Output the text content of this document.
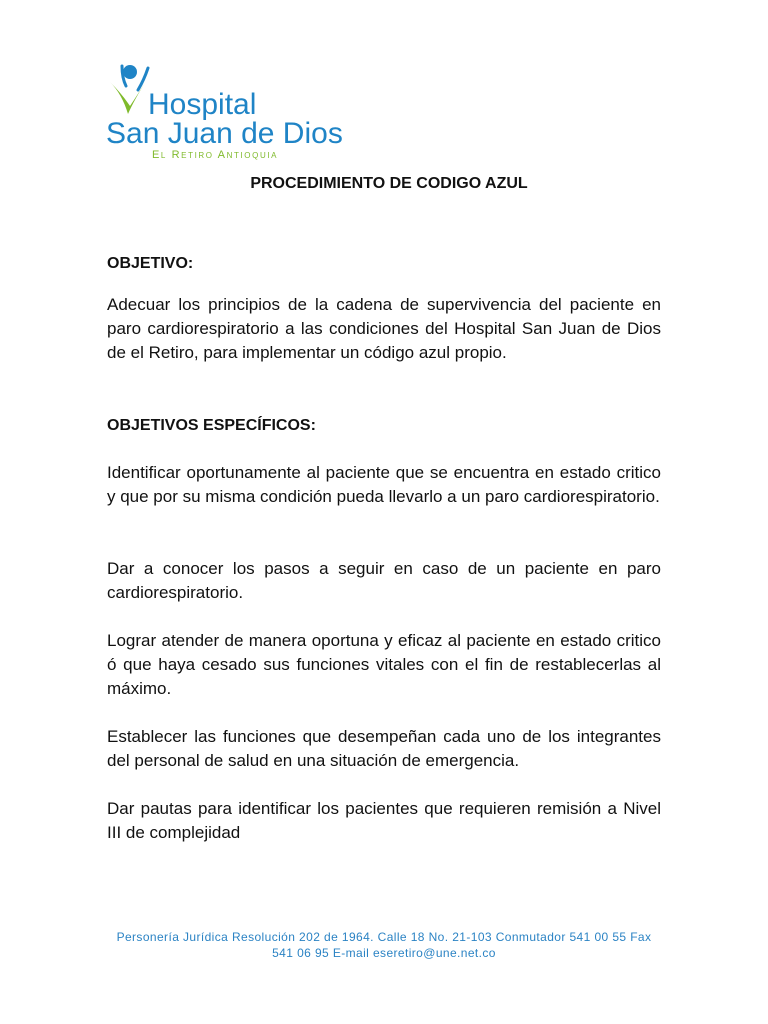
Hospital
San Juan de Dios
El Retiro Antioquia
PROCEDIMIENTO DE CODIGO AZUL
OBJETIVO:
Adecuar los principios de la cadena de supervivencia del paciente en paro cardiorespiratorio a las condiciones del Hospital San Juan de Dios de el Retiro, para implementar un código azul propio.
OBJETIVOS ESPECÍFICOS:
Identificar oportunamente al paciente que se encuentra en estado critico y que por su misma condición pueda llevarlo a un paro cardiorespiratorio.
Dar a conocer los pasos a seguir en caso de un paciente en paro cardiorespiratorio.
Lograr atender de manera oportuna y eficaz al paciente en estado critico ó que haya cesado sus funciones vitales con el fin de restablecerlas al máximo.
Establecer las funciones que desempeñan cada uno de los integrantes del personal de salud en una situación de emergencia.
Dar pautas para identificar los pacientes que requieren remisión a Nivel III de complejidad
Personería Jurídica Resolución 202 de 1964. Calle 18 No. 21-103 Conmutador 541 00 55 Fax
541 06 95 E-mail eseretiro@une.net.co
